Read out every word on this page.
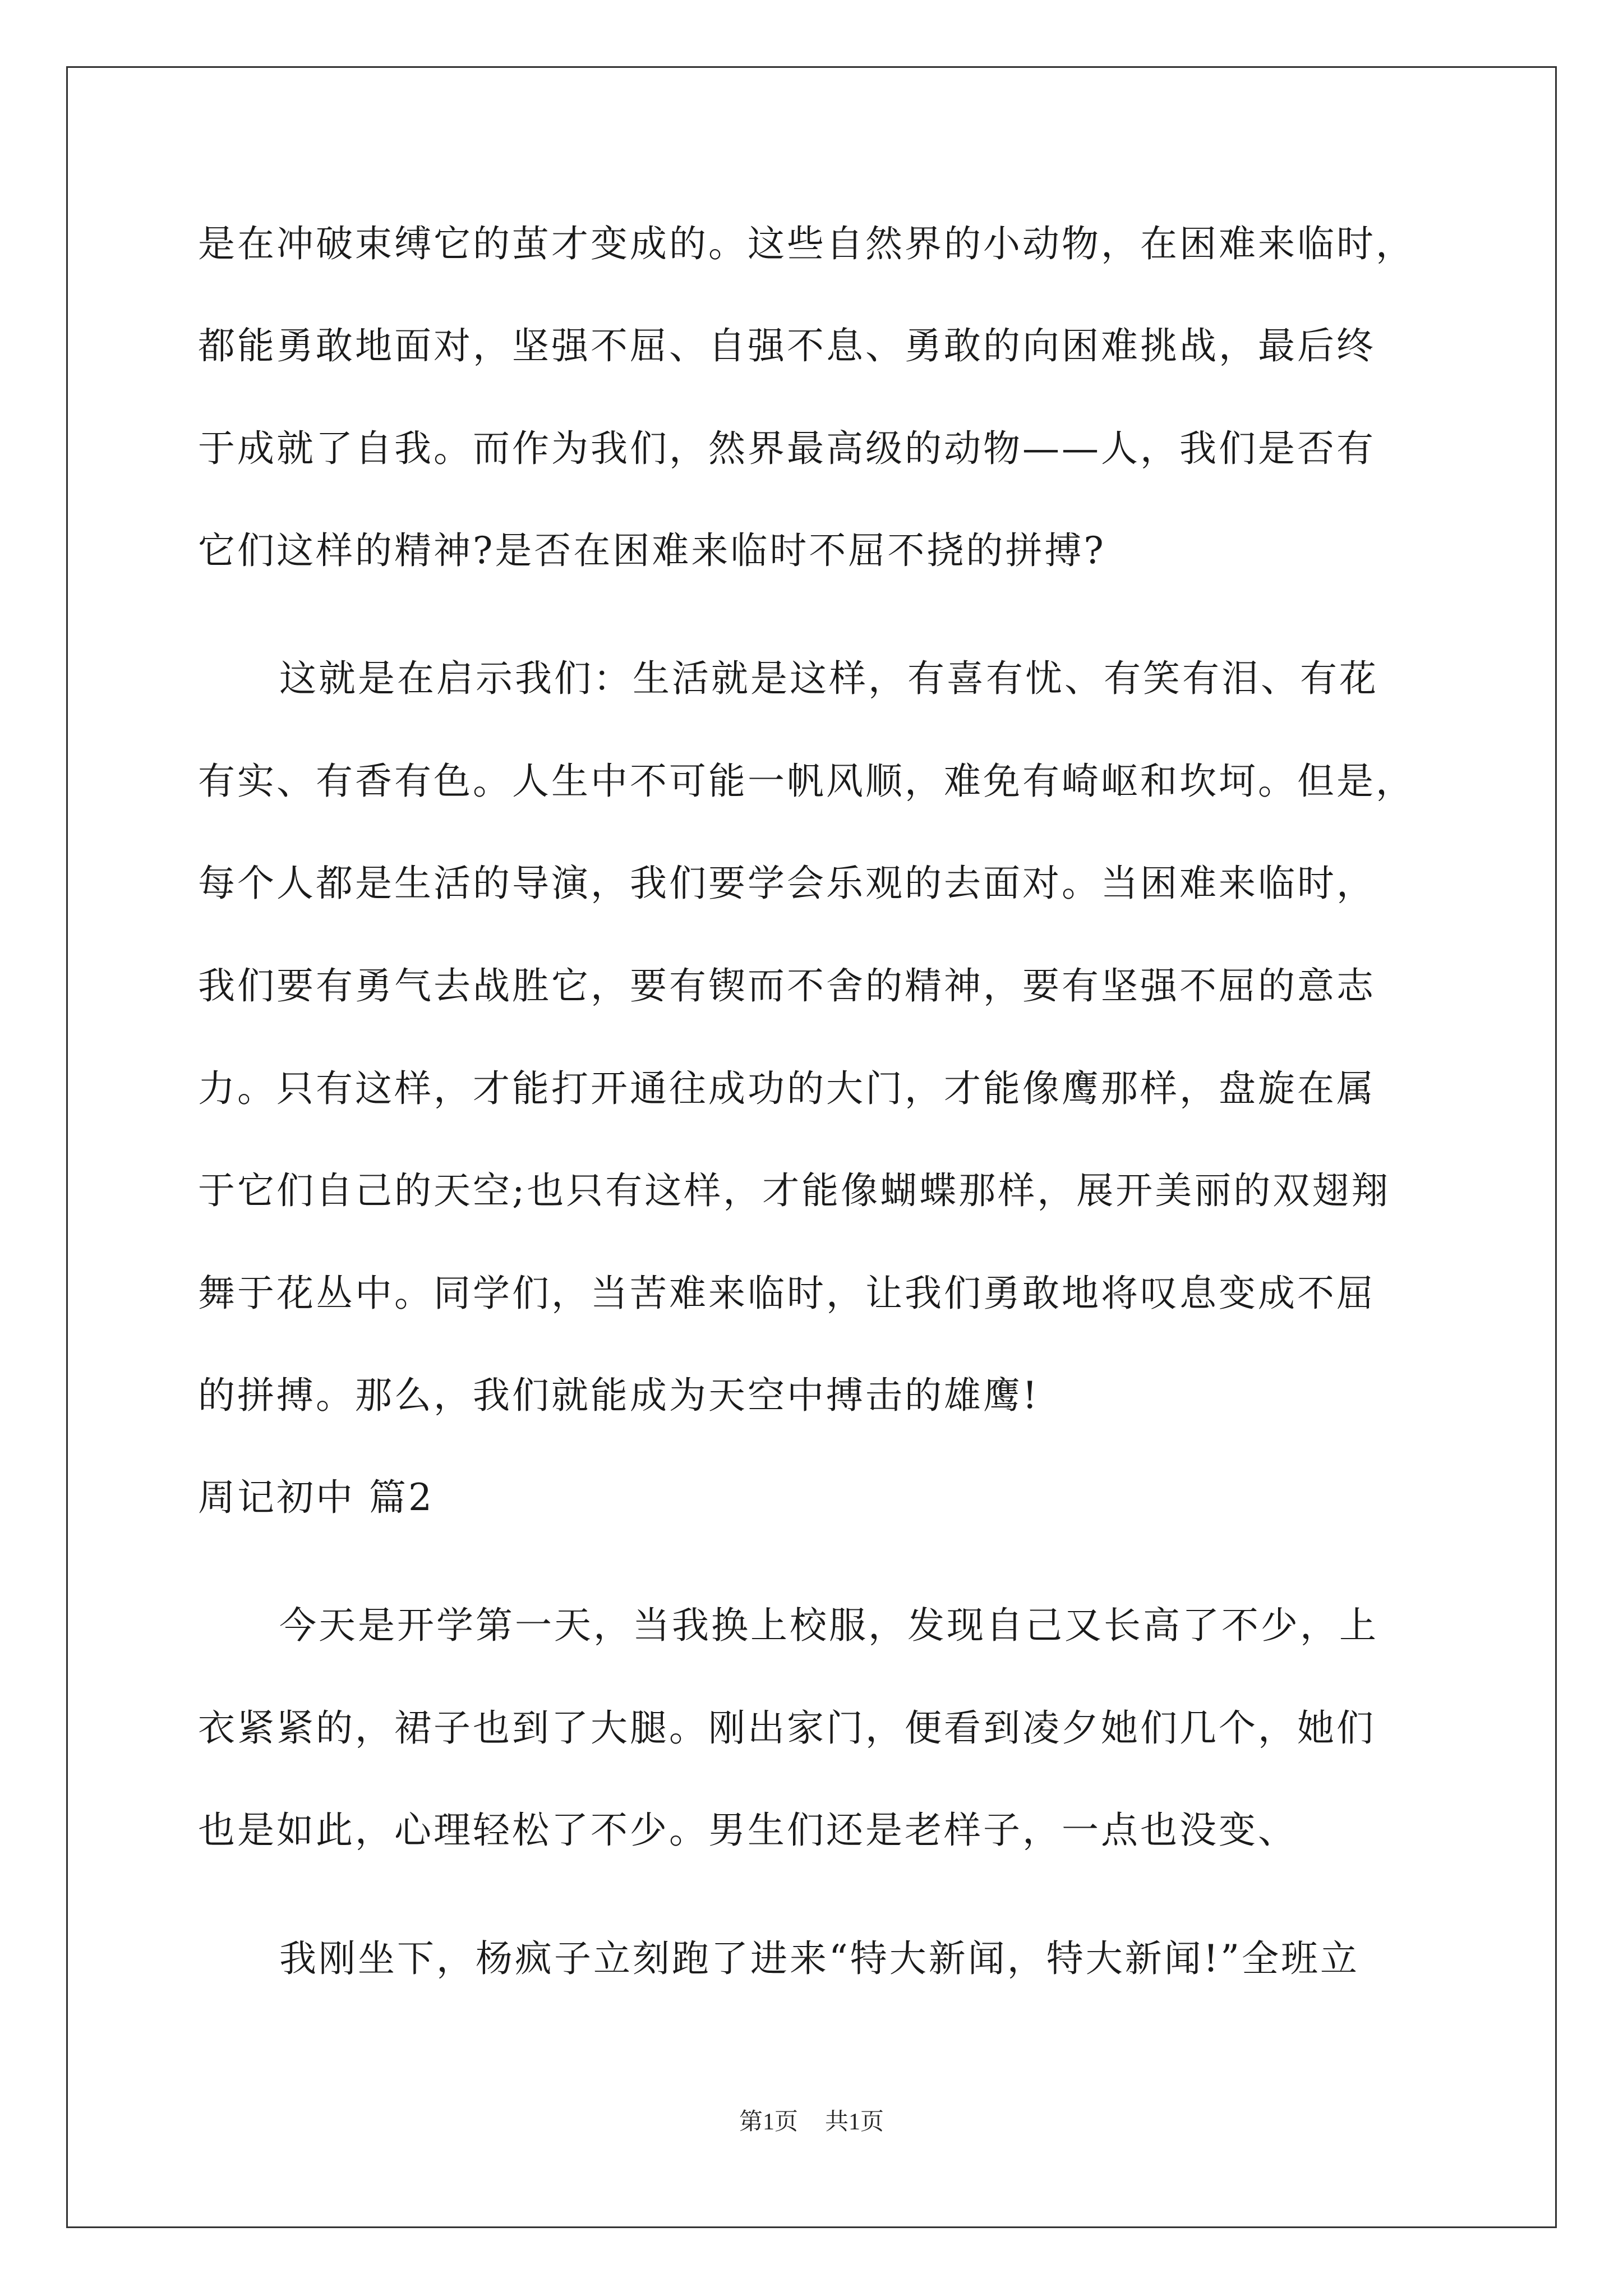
是在冲破束缚它的茧才变成的。这些自然界的小动物，在困难来临时，
都能勇敢地面对，坚强不屈、自强不息、勇敢的向困难挑战，最后终
于成就了自我。而作为我们，然界最高级的动物——人，我们是否有
它们这样的精神?是否在困难来临时不屈不挠的拼搏?
这就是在启示我们：生活就是这样，有喜有忧、有笑有泪、有花
有实、有香有色。人生中不可能一帆风顺，难免有崎岖和坎坷。但是，
每个人都是生活的导演，我们要学会乐观的去面对。当困难来临时，
我们要有勇气去战胜它，要有锲而不舍的精神，要有坚强不屈的意志
力。只有这样，才能打开通往成功的大门，才能像鹰那样，盘旋在属
于它们自己的天空;也只有这样，才能像蝴蝶那样，展开美丽的双翅翔
舞于花丛中。同学们，当苦难来临时，让我们勇敢地将叹息变成不屈
的拼搏。那么，我们就能成为天空中搏击的雄鹰!
周记初中 篇2
今天是开学第一天，当我换上校服，发现自己又长高了不少，上
衣紧紧的，裙子也到了大腿。刚出家门，便看到凌夕她们几个，她们
也是如此，心理轻松了不少。男生们还是老样子，一点也没变、
我刚坐下，杨疯子立刻跑了进来“特大新闻，特大新闻!”全班立
第1页 共1页
